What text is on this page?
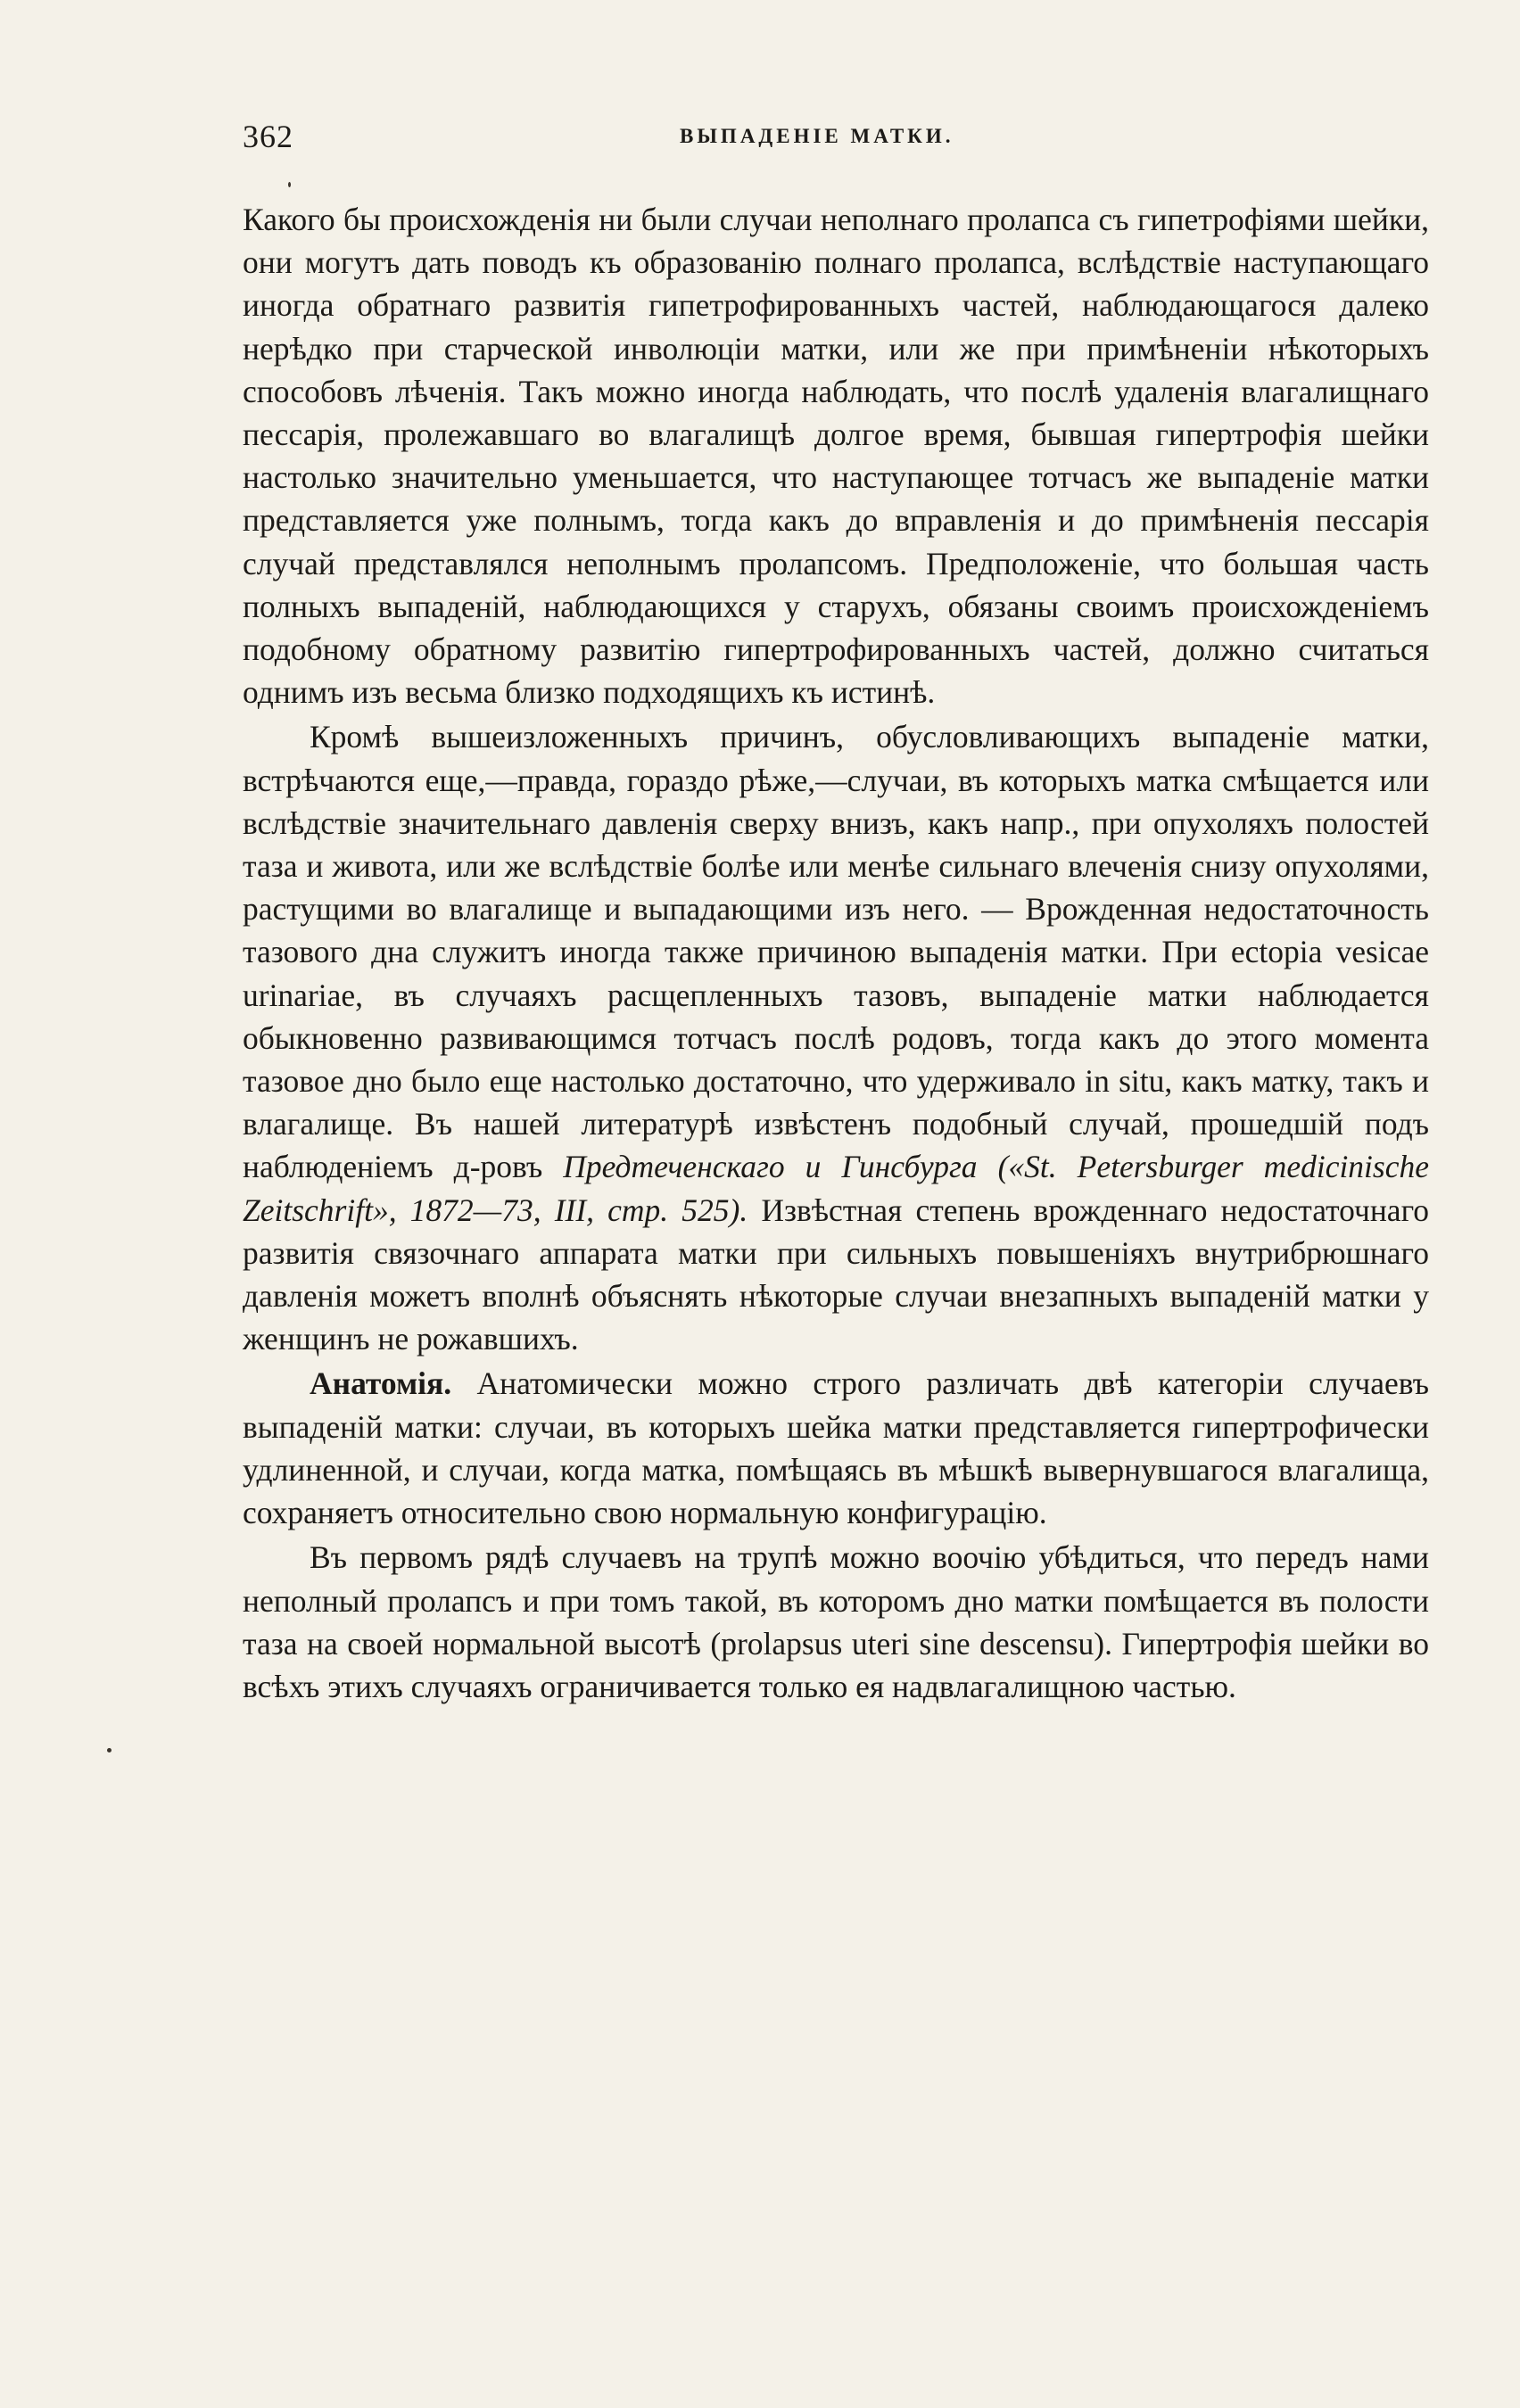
362	ВЫПАДЕНІЕ МАТКИ.

Какого бы происхожденія ни были случаи неполнаго пролапса съ гипетрофіями шейки, они могутъ дать поводъ къ образованію полнаго пролапса, вслѣдствіе наступающаго иногда обратнаго развитія гипетрофированныхъ частей, наблюдающагося далеко нерѣдко при старческой инволюціи матки, или же при примѣненіи нѣкоторыхъ способовъ лѣченія. Такъ можно иногда наблюдать, что послѣ удаленія влагалищнаго пессарія, пролежавшаго во влагалищѣ долгое время, бывшая гипертрофія шейки настолько значительно уменьшается, что наступающее тотчасъ же выпаденіе матки представляется уже полнымъ, тогда какъ до вправленія и до примѣненія пессарія случай представлялся неполнымъ пролапсомъ. Предположеніе, что большая часть полныхъ выпаденій, наблюдающихся у старухъ, обязаны своимъ происхожденіемъ подобному обратному развитію гипертрофированныхъ частей, должно считаться однимъ изъ весьма близко подходящихъ къ истинѣ.

Кромѣ вышеизложенныхъ причинъ, обусловливающихъ выпаденіе матки, встрѣчаются еще,—правда, гораздо рѣже,—случаи, въ которыхъ матка смѣщается или вслѣдствіе значительнаго давленія сверху внизъ, какъ напр., при опухоляхъ полостей таза и живота, или же вслѣдствіе болѣе или менѣе сильнаго влеченія снизу опухолями, растущими во влагалище и выпадающими изъ него. — Врожденная недостаточность тазового дна служитъ иногда также причиною выпаденія матки. При ectopia vesicae urinariae, въ случаяхъ расщепленныхъ тазовъ, выпаденіе матки наблюдается обыкновенно развивающимся тотчасъ послѣ родовъ, тогда какъ до этого момента тазовое дно было еще настолько достаточно, что удерживало in situ, какъ матку, такъ и влагалище. Въ нашей литературѣ извѣстенъ подобный случай, прошедшій подъ наблюденіемъ д-ровъ Предтеченскаго и Гинсбурга («St. Petersburger medicinische Zeitschrift», 1872—73, III, стр. 525). Извѣстная степень врожденнаго недостаточнаго развитія связочнаго аппарата матки при сильныхъ повышеніяхъ внутрибрюшнаго давленія можетъ вполнѣ объяснять нѣкоторые случаи внезапныхъ выпаденій матки у женщинъ не рожавшихъ.

Анатомія. Анатомически можно строго различать двѣ категоріи случаевъ выпаденій матки: случаи, въ которыхъ шейка матки представляется гипертрофически удлиненной, и случаи, когда матка, помѣщаясь въ мѣшкѣ вывернувшагося влагалища, сохраняетъ относительно свою нормальную конфигурацію.

Въ первомъ рядѣ случаевъ на трупѣ можно воочію убѣдиться, что передъ нами неполный пролапсъ и при томъ такой, въ которомъ дно матки помѣщается въ полости таза на своей нормальной высотѣ (prolapsus uteri sine descensu). Гипертрофія шейки во всѣхъ этихъ случаяхъ ограничивается только ея надвлагалищною частью.
